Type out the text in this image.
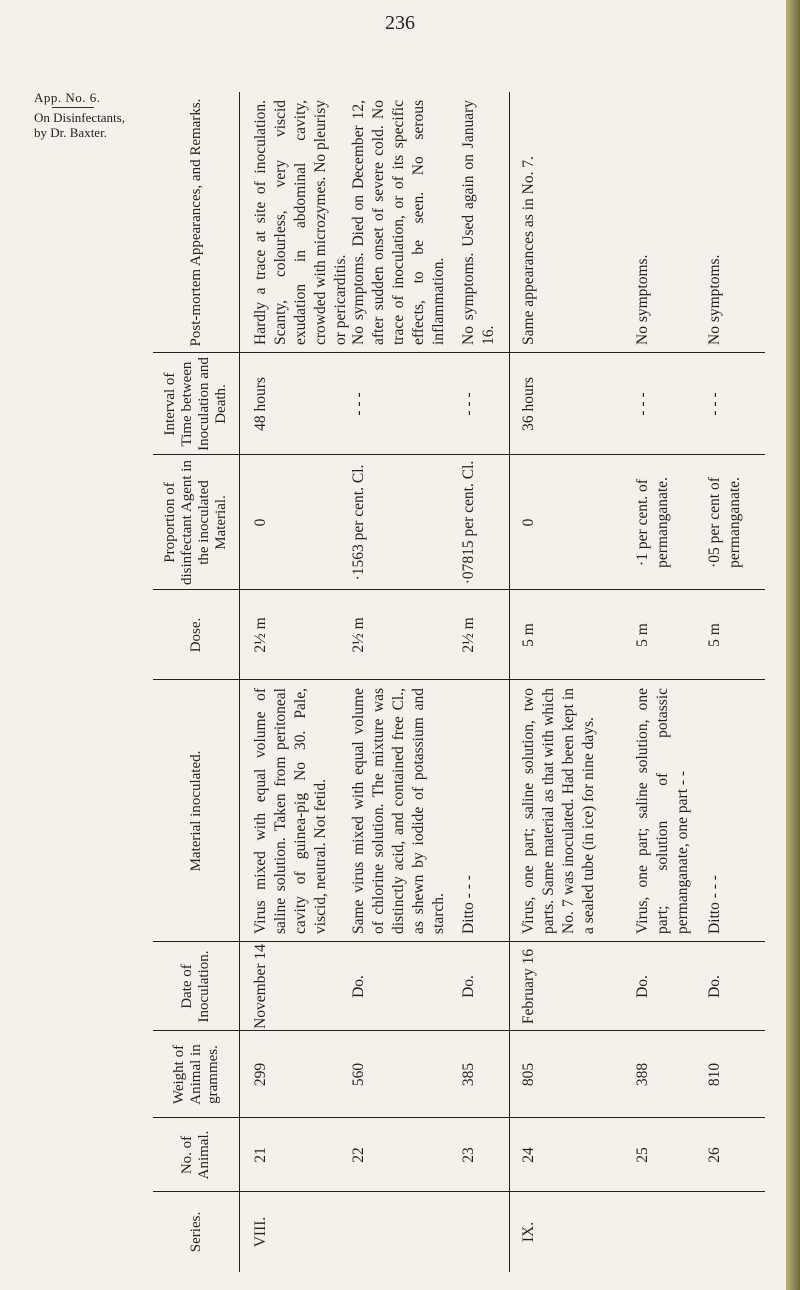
236
App. No. 6.
On Disinfectants,
by Dr. Baxter.
Series.
No. of Animal.
Weight of Animal in grammes.
Date of Inoculation.
Material inoculated.
Dose.
Proportion of disinfectant Agent in the inoculated Material.
Interval of Time between Inoculation and Death.
Post-mortem Appearances, and Remarks.
VIII.
21
299
November 14
Virus mixed with equal volume of saline solution. Taken from peritoneal cavity of guinea-pig No 30. Pale, viscid, neutral. Not fetid.
2½ m
0
48 hours
Hardly a trace at site of inoculation. Scanty, colourless, very viscid exudation in abdominal cavity, crowded with microzymes. No pleurisy or pericarditis.
22
560
Do.
Same virus mixed with equal volume of chlorine solution. The mixture was distinctly acid, and contained free Cl., as shewn by iodide of potassium and starch.
2½ m
·1563 per cent. Cl.
- - -
No symptoms. Died on December 12, after sudden onset of severe cold. No trace of inoculation, or of its specific effects, to be seen. No serous inflammation.
23
385
Do.
Ditto - - -
2½ m
·07815 per cent. Cl.
- - -
No symptoms. Used again on January 16.
IX.
24
805
February 16
Virus, one part; saline solution, two parts. Same material as that with which No. 7 was inoculated. Had been kept in a sealed tube (in ice) for nine days.
5 m
0
36 hours
Same appearances as in No. 7.
25
388
Do.
Virus, one part; saline solution, one part; solution of potassic permanganate, one part - -
5 m
·1 per cent. of permanganate.
- - -
No symptoms.
26
810
Do.
Ditto - - -
5 m
·05 per cent of permanganate.
- - -
No symptoms.
